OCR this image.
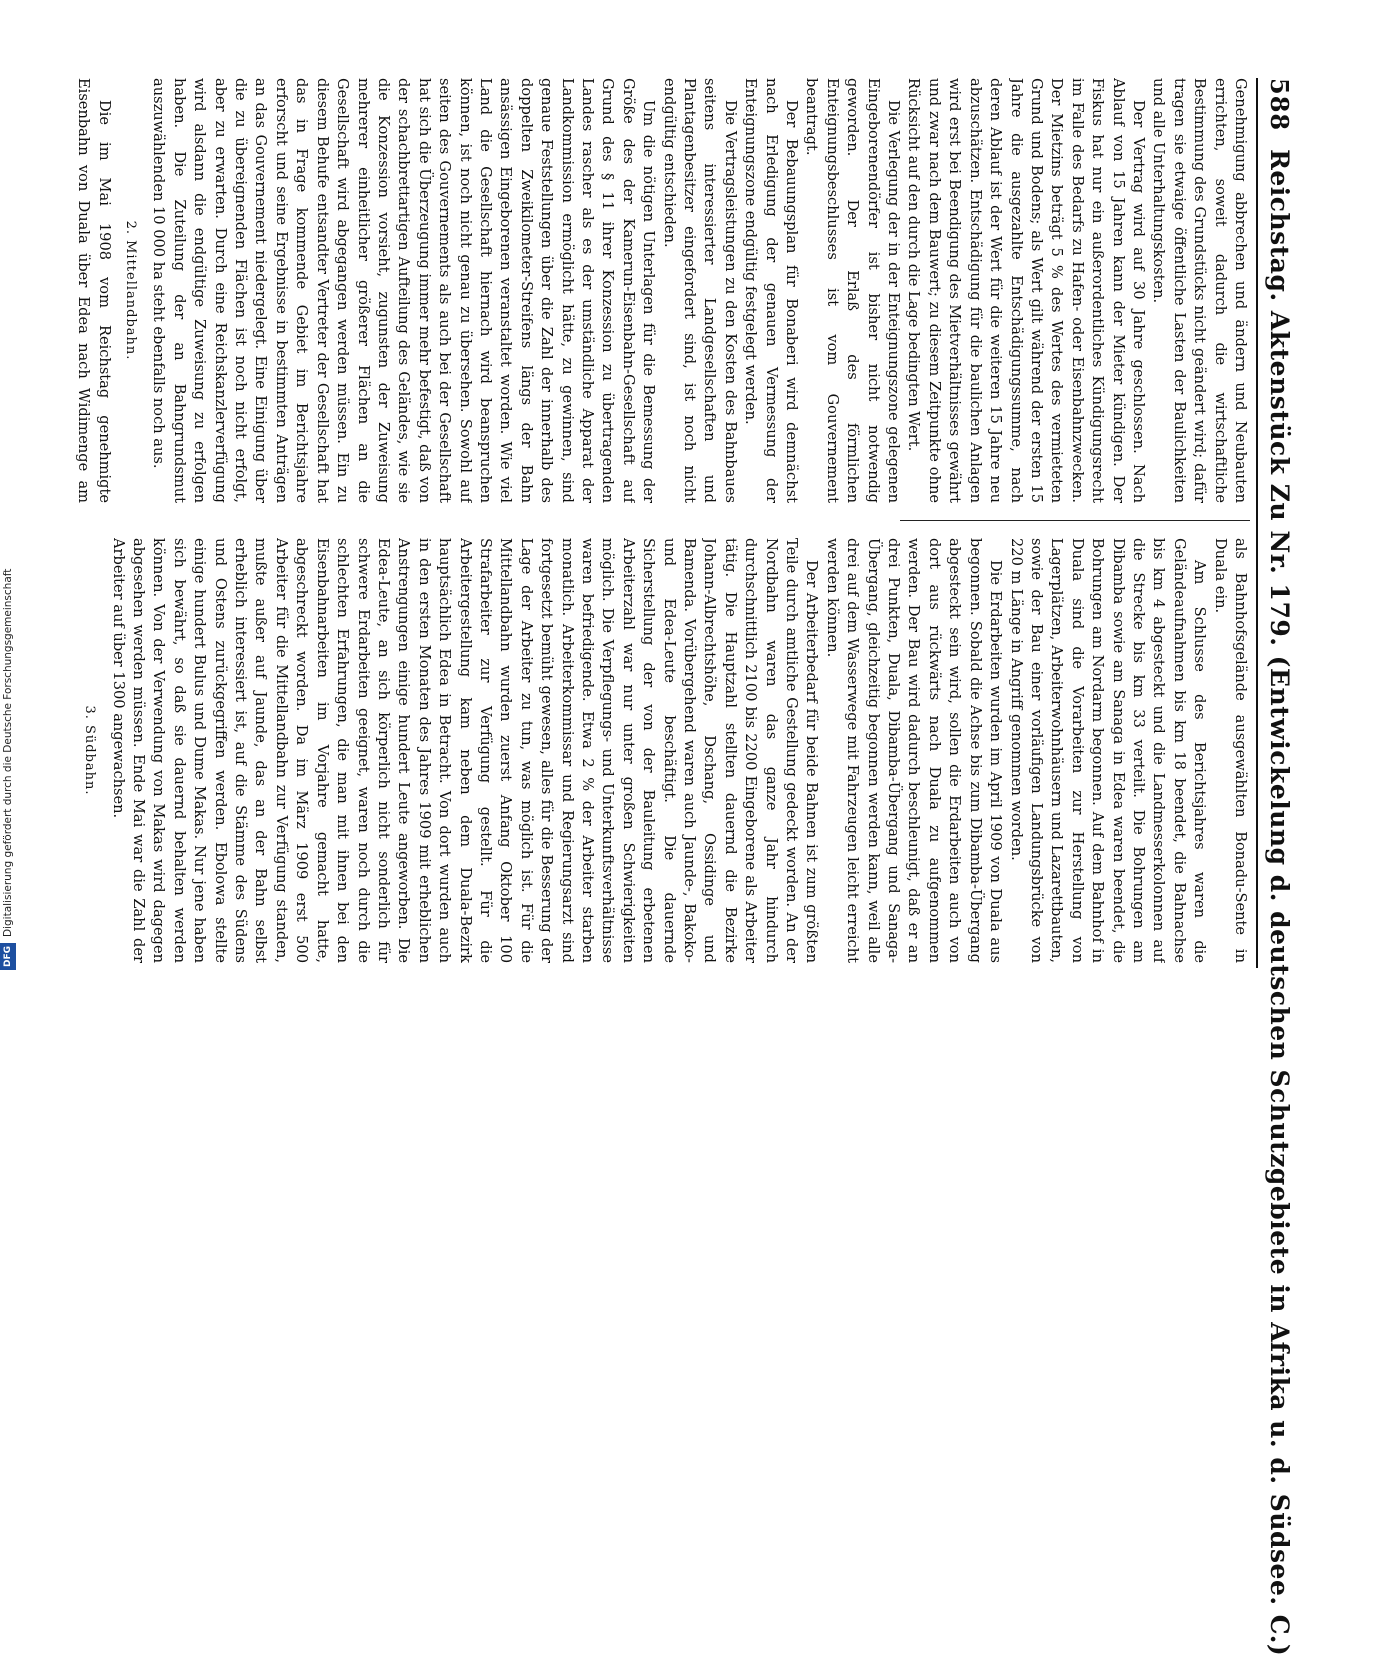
DFGDigitalisierung gefördert durch die Deutsche Forschungsgemeinschaft
588
Reichstag. Aktenstück Zu Nr. 179. (Entwickelung d. deutschen Schutzgebiete in Afrika u. d. Südsee. C.)

Genehmigung abbrechen und ändern und Neubauten errichten, soweit dadurch die wirtschaftliche Bestimmung des Grundstücks nicht geändert wird; dafür tragen sie etwaige öffentliche Lasten der Baulichkeiten und alle Unterhaltungskosten.

Der Vertrag wird auf 30 Jahre geschlossen. Nach Ablauf von 15 Jahren kann der Mieter kündigen. Der Fiskus hat nur ein außerordentliches Kündigungsrecht im Falle des Bedarfs zu Hafen- oder Eisenbahnzwecken. Der Mietzins beträgt 5 % des Wertes des vermieteten Grund und Bodens; als Wert gilt während der ersten 15 Jahre die ausgezahlte Entschädigungssumme, nach deren Ablauf ist der Wert für die weiteren 15 Jahre neu abzuschätzen. Entschädigung für die baulichen Anlagen wird erst bei Beendigung des Mietverhältnisses gewährt und zwar nach dem Bauwert; zu diesem Zeitpunkte ohne Rücksicht auf den durch die Lage bedingten Wert.

Die Verlegung der in der Enteignungszone gelegenen Eingeborenendörfer ist bisher nicht notwendig geworden. Der Erlaß des förmlichen Enteignungsbeschlusses ist vom Gouvernement beantragt.

Der Bebauungsplan für Bonaberi wird demnächst nach Erledigung der genauen Vermessung der Enteignungszone endgültig festgelegt werden.

Die Vertragsleistungen zu den Kosten des Bahnbaues seitens interessierter Landgesellschaften und Plantagenbesitzer eingefordert sind, ist noch nicht endgültig entschieden.

Um die nötigen Unterlagen für die Bemessung der Größe des der Kamerun-Eisenbahn-Gesellschaft auf Grund des § 11 ihrer Konzession zu übertragenden Landes rascher als es der umständliche Apparat der Landkommission ermöglicht hätte, zu gewinnen, sind genaue Feststellungen über die Zahl der innerhalb des doppelten Zweikilometer-Streifens längs der Bahn ansässigen Eingeborenen veranstaltet worden. Wie viel Land die Gesellschaft hiernach wird beanspruchen können, ist noch nicht genau zu übersehen. Sowohl auf seiten des Gouvernements als auch bei der Gesellschaft hat sich die Überzeugung immer mehr befestigt, daß von der schachbrettartigen Aufteilung des Geländes, wie sie die Konzession vorsieht, zugunsten der Zuweisung mehrerer einheitlicher größerer Flächen an die Gesellschaft wird abgegangen werden müssen. Ein zu diesem Behufe entsandter Vertreter der Gesellschaft hat das in Frage kommende Gebiet im Berichtsjahre erforscht und seine Ergebnisse in bestimmten Anträgen an das Gouvernement niedergelegt. Eine Einigung über die zu übereignenden Flächen ist noch nicht erfolgt, aber zu erwarten. Durch eine Reichskanzlerverfügung wird alsdann die endgültige Zuweisung zu erfolgen haben. Die Zuteilung der an Bahngrundsmut auszuwählenden 10 000 ha steht ebenfalls noch aus.

2. Mittellandbahn.

Die im Mai 1908 vom Reichstag genehmigte Eisenbahn von Duala über Edea nach Widimenge am

als Bahnhofsgelände ausgewählten Bonadu-Sente in Duala ein.

Am Schlusse des Berichtsjahres waren die Geländeaufnahmen bis km 18 beendet, die Bahnachse bis km 4 abgesteckt und die Landmesserkolonnen auf die Strecke bis km 33 verteilt. Die Bohrungen am Dibamba sowie am Sanaga in Edea waren beendet, die Bohrungen am Nordarm begonnen. Auf dem Bahnhof in Duala sind die Vorarbeiten zur Herstellung von Lagerplätzen, Arbeiterwohnhäusern und Lazarettbauten, sowie der Bau einer vorläufigen Landungsbrücke von 220 m Länge in Angriff genommen worden.

Die Erdarbeiten wurden im April 1909 von Duala aus begonnen. Sobald die Achse bis zum Dibamba-Übergang abgesteckt sein wird, sollen die Erdarbeiten auch von dort aus rückwärts nach Duala zu aufgenommen werden. Der Bau wird dadurch beschleunigt, daß er an drei Punkten, Duala, Dibamba-Übergang und Sanaga-Übergang, gleichzeitig begonnen werden kann, weil alle drei auf dem Wasserwege mit Fahrzeugen leicht erreicht werden können.

Der Arbeiterbedarf für beide Bahnen ist zum größten Teile durch amtliche Gestellung gedeckt worden. An der Nordbahn waren das ganze Jahr hindurch durchschnittlich 2100 bis 2200 Eingeborene als Arbeiter tätig. Die Hauptzahl stellten dauernd die Bezirke Johann-Albrechtshöhe, Dschang, Ossidinge und Bamenda. Vorübergehend waren auch Jaunde-, Bakoko- und Edea-Leute beschäftigt. Die dauernde Sicherstellung der von der Bauleitung erbetenen Arbeiterzahl war nur unter großen Schwierigkeiten möglich. Die Verpflegungs- und Unterkunftsverhältnisse waren befriedigende. Etwa 2 % der Arbeiter starben monatlich. Arbeiterkommissar und Regierungsarzt sind fortgesetzt bemüht gewesen, alles für die Besserung der Lage der Arbeiter zu tun, was möglich ist. Für die Mittellandbahn wurden zuerst Anfang Oktober 100 Strafarbeiter zur Verfügung gestellt. Für die Arbeitergestellung kam neben dem Duala-Bezirk hauptsächlich Edea in Betracht. Von dort wurden auch in den ersten Monaten des Jahres 1909 mit erheblichen Anstrengungen einige hundert Leute angeworben. Die Edea-Leute, an sich körperlich nicht sonderlich für schwere Erdarbeiten geeignet, waren noch durch die schlechten Erfahrungen, die man mit ihnen bei den Eisenbahnarbeiten im Vorjahre gemacht hatte, abgeschreckt worden. Da im März 1909 erst 500 Arbeiter für die Mittellandbahn zur Verfügung standen, mußte außer auf Jaunde, das an der Bahn selbst erheblich interessiert ist, auf die Stämme des Südens und Ostens zurückgegriffen werden. Ebolowa stellte einige hundert Bulus und Dume Makas. Nur jene haben sich bewährt, so daß sie dauernd behalten werden können. Von der Verwendung von Makas wird dagegen abgesehen werden müssen. Ende Mai war die Zahl der Arbeiter auf über 1300 angewachsen.

3. Südbahn.
